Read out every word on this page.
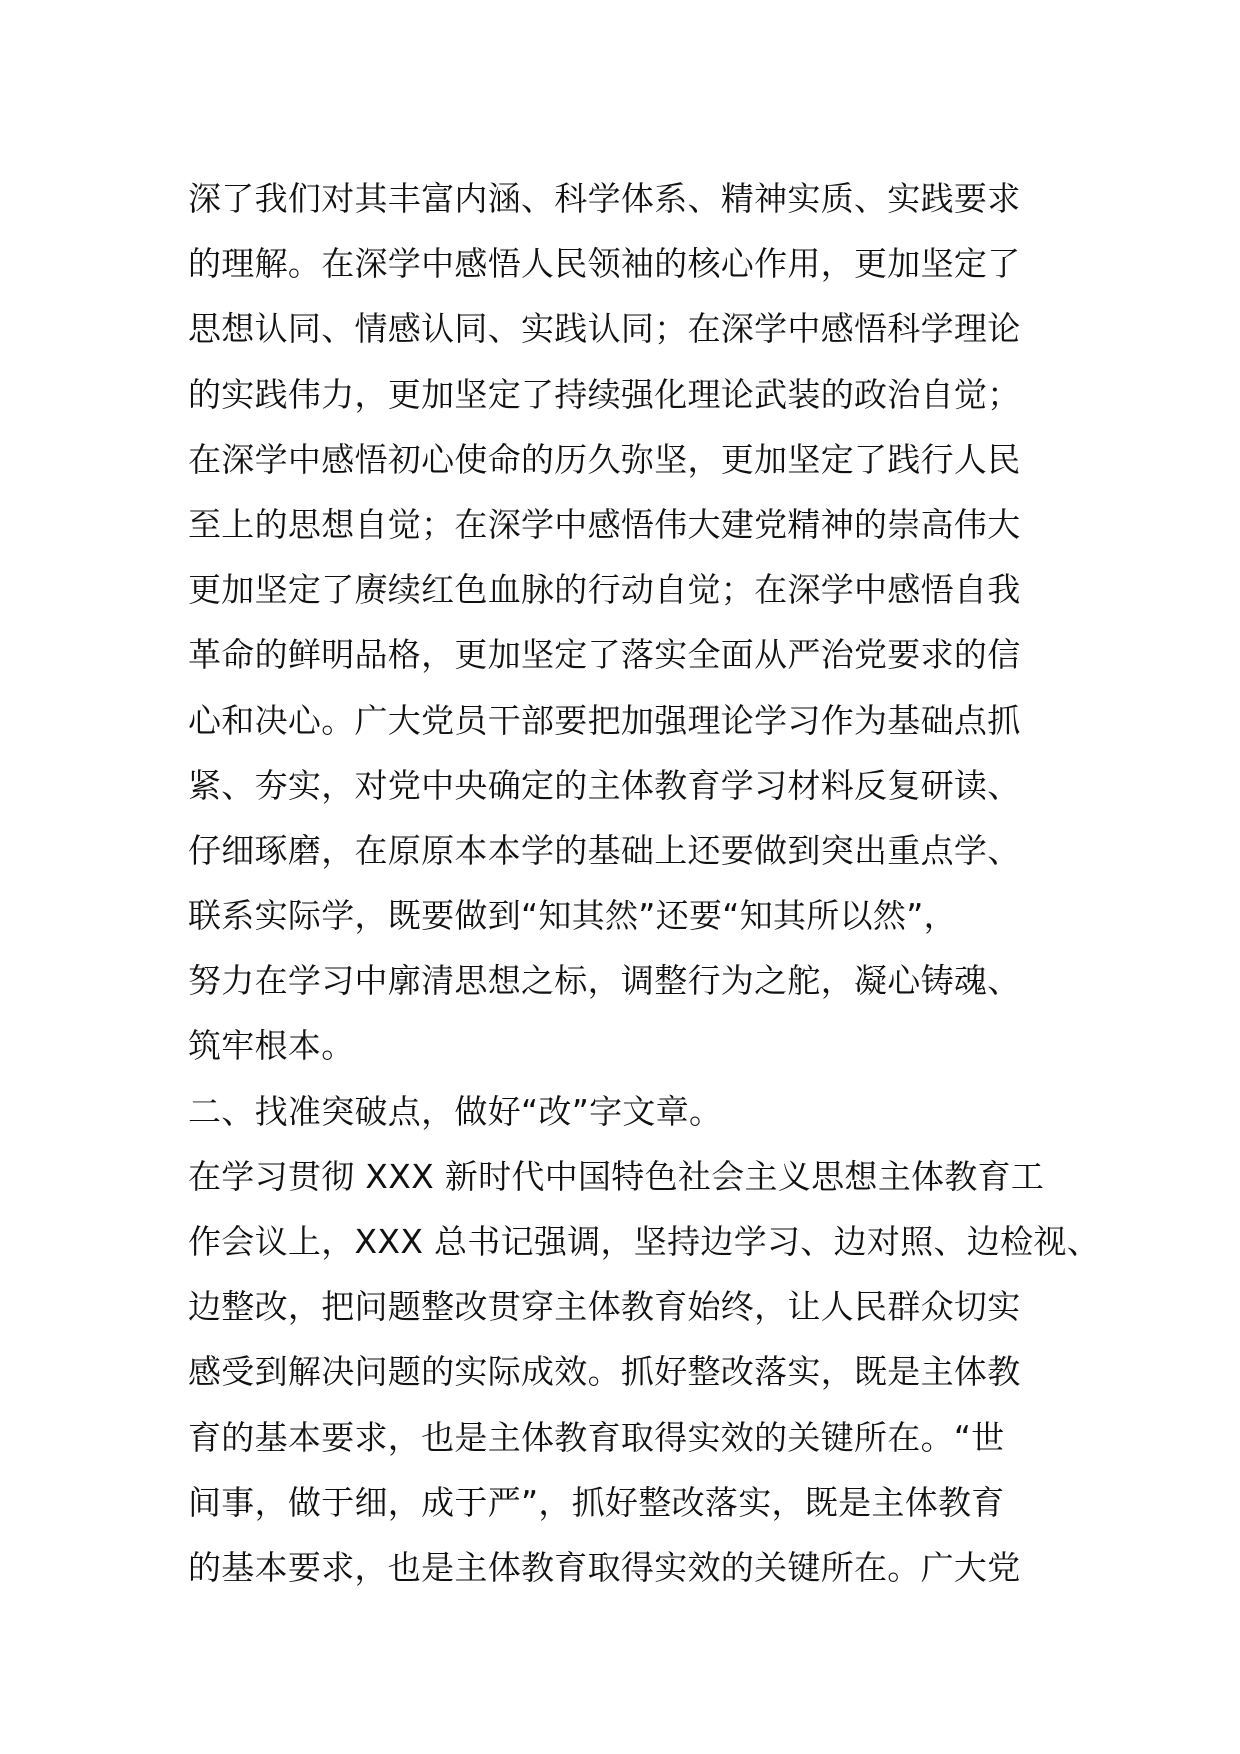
深了我们对其丰富内涵、科学体系、精神实质、实践要求
的理解。在深学中感悟人民领袖的核心作用，更加坚定了
思想认同、情感认同、实践认同；在深学中感悟科学理论
的实践伟力，更加坚定了持续强化理论武装的政治自觉；
在深学中感悟初心使命的历久弥坚，更加坚定了践行人民
至上的思想自觉；在深学中感悟伟大建党精神的崇高伟大
更加坚定了赓续红色血脉的行动自觉；在深学中感悟自我
革命的鲜明品格，更加坚定了落实全面从严治党要求的信
心和决心。广大党员干部要把加强理论学习作为基础点抓
紧、夯实，对党中央确定的主体教育学习材料反复研读、
仔细琢磨，在原原本本学的基础上还要做到突出重点学、
联系实际学，既要做到“知其然”还要“知其所以然”，
努力在学习中廓清思想之标，调整行为之舵，凝心铸魂、
筑牢根本。
二、找准突破点，做好“改”字文章。
在学习贯彻 XXX 新时代中国特色社会主义思想主体教育工
作会议上，XXX 总书记强调，坚持边学习、边对照、边检视、
边整改，把问题整改贯穿主体教育始终，让人民群众切实
感受到解决问题的实际成效。抓好整改落实，既是主体教
育的基本要求，也是主体教育取得实效的关键所在。“世
间事，做于细，成于严”，抓好整改落实，既是主体教育
的基本要求，也是主体教育取得实效的关键所在。广大党
